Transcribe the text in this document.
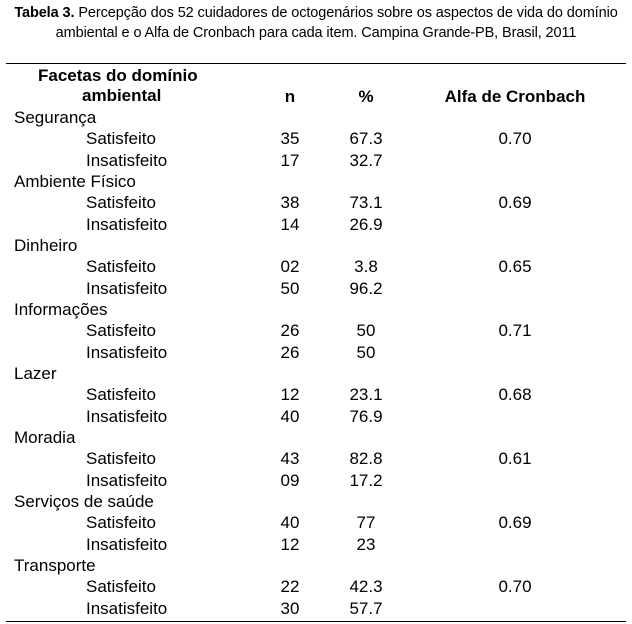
Tabela 3. Percepção dos 52 cuidadores de octogenários sobre os aspectos de vida do domínio ambiental e o Alfa de Cronbach para cada item. Campina Grande-PB, Brasil, 2011
Facetas do domínio
ambiental	n	%	Alfa de Cronbach
Segurança
Satisfeito	35	67.3	0.70
Insatisfeito	17	32.7
Ambiente Físico
Satisfeito	38	73.1	0.69
Insatisfeito	14	26.9
Dinheiro
Satisfeito	02	3.8	0.65
Insatisfeito	50	96.2
Informações
Satisfeito	26	50	0.71
Insatisfeito	26	50
Lazer
Satisfeito	12	23.1	0.68
Insatisfeito	40	76.9
Moradia
Satisfeito	43	82.8	0.61
Insatisfeito	09	17.2
Serviços de saúde
Satisfeito	40	77	0.69
Insatisfeito	12	23
Transporte
Satisfeito	22	42.3	0.70
Insatisfeito	30	57.7
